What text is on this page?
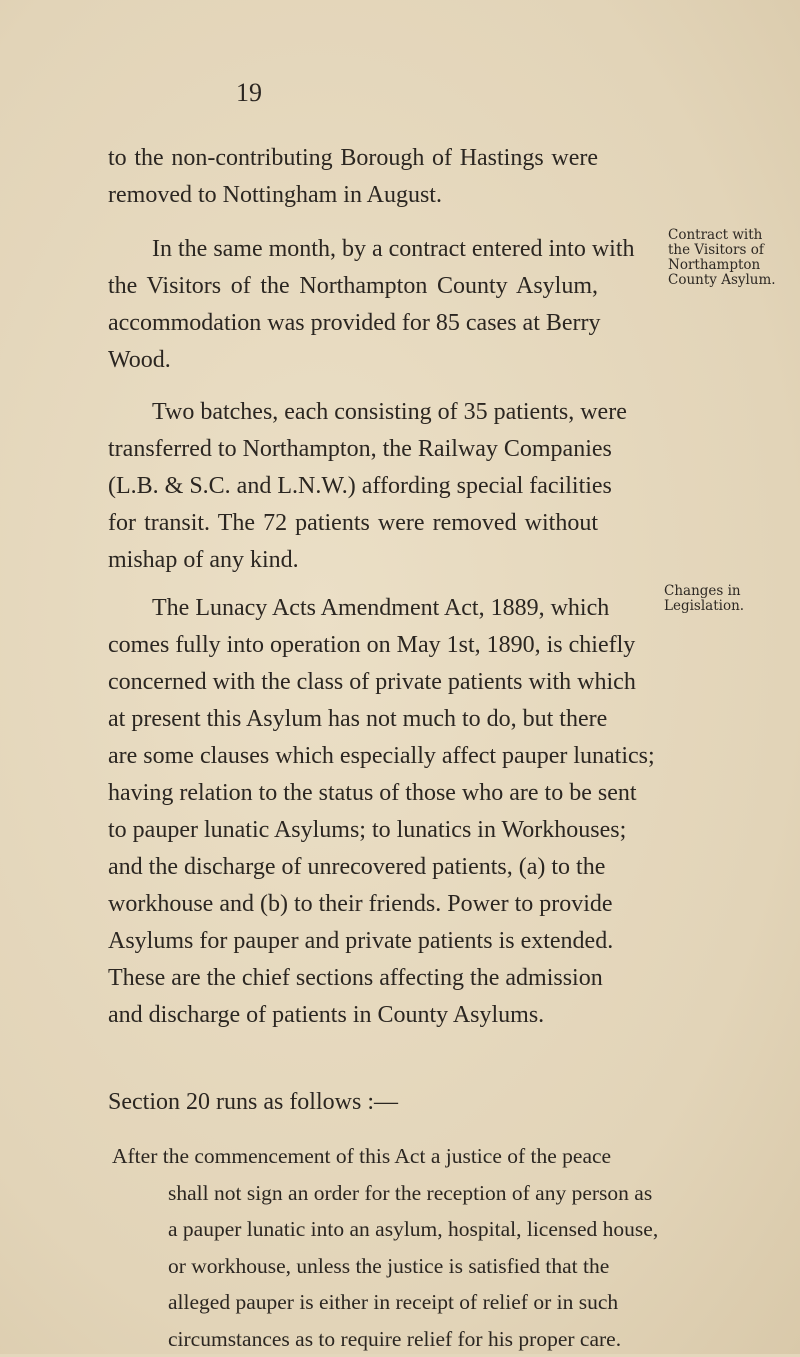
19
to the non-contributing Borough of Hastings were
removed to Nottingham in August.
In the same month, by a contract entered into with
the Visitors of the Northampton County Asylum,
accommodation was provided for 85 cases at Berry
Wood.
Two batches, each consisting of 35 patients, were
transferred to Northampton, the Railway Companies
(L.B. & S.C. and L.N.W.) affording special facilities
for transit. The 72 patients were removed without
mishap of any kind.
The Lunacy Acts Amendment Act, 1889, which
comes fully into operation on May 1st, 1890, is chiefly
concerned with the class of private patients with which
at present this Asylum has not much to do, but there
are some clauses which especially affect pauper lunatics;
having relation to the status of those who are to be sent
to pauper lunatic Asylums; to lunatics in Workhouses;
and the discharge of unrecovered patients, (a) to the
workhouse and (b) to their friends. Power to provide
Asylums for pauper and private patients is extended.
These are the chief sections affecting the admission
and discharge of patients in County Asylums.
Section 20 runs as follows :—
After the commencement of this Act a justice of the peace
shall not sign an order for the reception of any person as
a pauper lunatic into an asylum, hospital, licensed house,
or workhouse, unless the justice is satisfied that the
alleged pauper is either in receipt of relief or in such
circumstances as to require relief for his proper care.
Contract with
the Visitors of
Northampton
County Asylum.
Changes in
Legislation.
